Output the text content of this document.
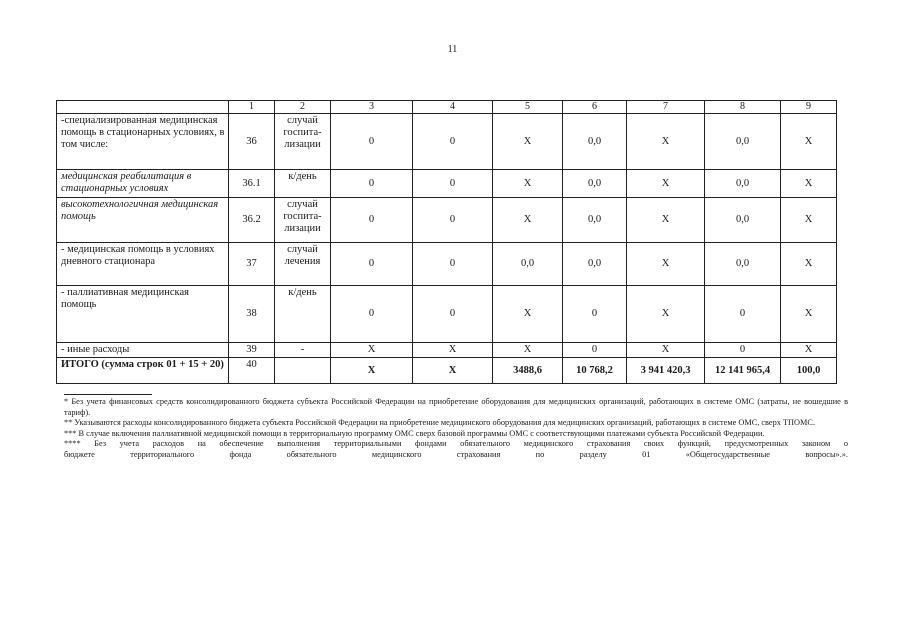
11
	1	2	3	4	5	6	7	8	9
-специализированная медицинская помощь в стационарных условиях, в том числе:	36	случай госпита-лизации	0	0	X	0,0	X	0,0	X
медицинская реабилитация в стационарных условиях	36.1	к/день	0	0	X	0,0	X	0,0	X
высокотехнологичная медицинская помощь	36.2	случай госпита-лизации	0	0	X	0,0	X	0,0	X
- медицинская помощь в условиях дневного стационара	37	случай лечения	0	0	0,0	0,0	X	0,0	X
- паллиативная медицинская помощь	38	к/день	0	0	X	0	X	0	X
- иные расходы	39	-	X	X	X	0	X	0	X
ИТОГО (сумма строк 01 + 15 + 20)	40		X	X	3488,6	10 768,2	3 941 420,3	12 141 965,4	100,0

* Без учета финансовых средств консолидированного бюджета субъекта Российской Федерации на приобретение оборудования для медицинских организаций, работающих в системе ОМС (затраты, не вошедшие в тариф).

** Указываются расходы консолидированного бюджета субъекта Российской Федерации на приобретение медицинского оборудования для медицинских организаций, работающих в системе ОМС, сверх ТПОМС.

*** В случае включения паллиативной медицинской помощи в территориальную программу ОМС сверх базовой программы ОМС с соответствующими платежами субъекта Российской Федерации.

**** Без учета расходов на обеспечение выполнения территориальными фондами обязательного медицинского страхования своих функций, предусмотренных законом о

бюджете территориального фонда обязательного медицинского страхования по разделу 01 «Общегосударственные вопросы».».
